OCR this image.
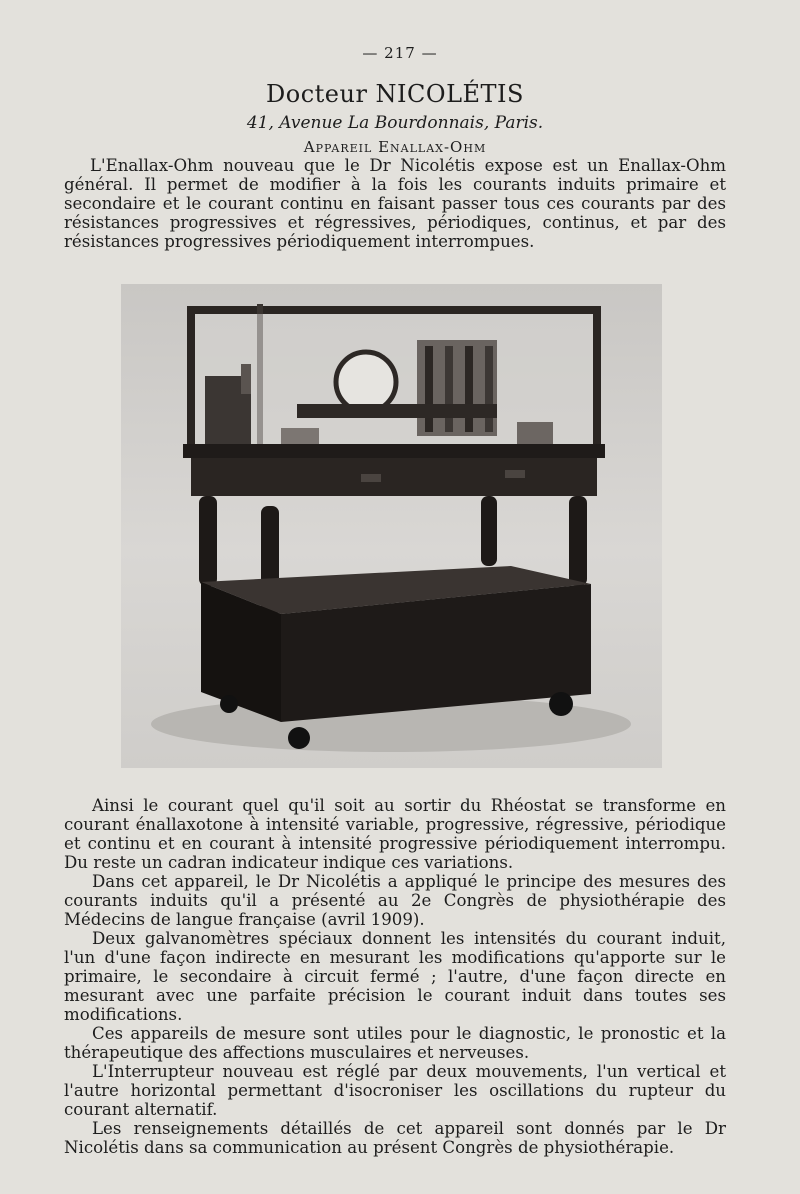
— 217 —
Docteur NICOLÉTIS
41, Avenue La Bourdonnais, Paris.
Appareil Enallax-Ohm

L'Enallax-Ohm nouveau que le Dr Nicolétis expose est un Enallax-Ohm général. Il permet de modifier à la fois les courants induits primaire et secondaire et le courant continu en faisant passer tous ces courants par des résistances progressives et régressives, périodiques, continus, et par des résistances progressives périodiquement interrompues.

Ainsi le courant quel qu'il soit au sortir du Rhéostat se transforme en courant énallaxotone à intensité variable, progressive, régressive, périodique et continu et en courant à intensité progressive périodiquement interrompu. Du reste un cadran indicateur indique ces variations.

Dans cet appareil, le Dr Nicolétis a appliqué le principe des mesures des courants induits qu'il a présenté au 2e Congrès de physiothérapie des Médecins de langue française (avril 1909).

Deux galvanomètres spéciaux donnent les intensités du courant induit, l'un d'une façon indirecte en mesurant les modifications qu'apporte sur le primaire, le secondaire à circuit fermé ; l'autre, d'une façon directe en mesurant avec une parfaite précision le courant induit dans toutes ses modifications.

Ces appareils de mesure sont utiles pour le diagnostic, le pronostic et la thérapeutique des affections musculaires et nerveuses.

L'Interrupteur nouveau est réglé par deux mouvements, l'un vertical et l'autre horizontal permettant d'isocroniser les oscillations du rupteur du courant alternatif.

Les renseignements détaillés de cet appareil sont donnés par le Dr Nicolétis dans sa communication au présent Congrès de physiothérapie.
